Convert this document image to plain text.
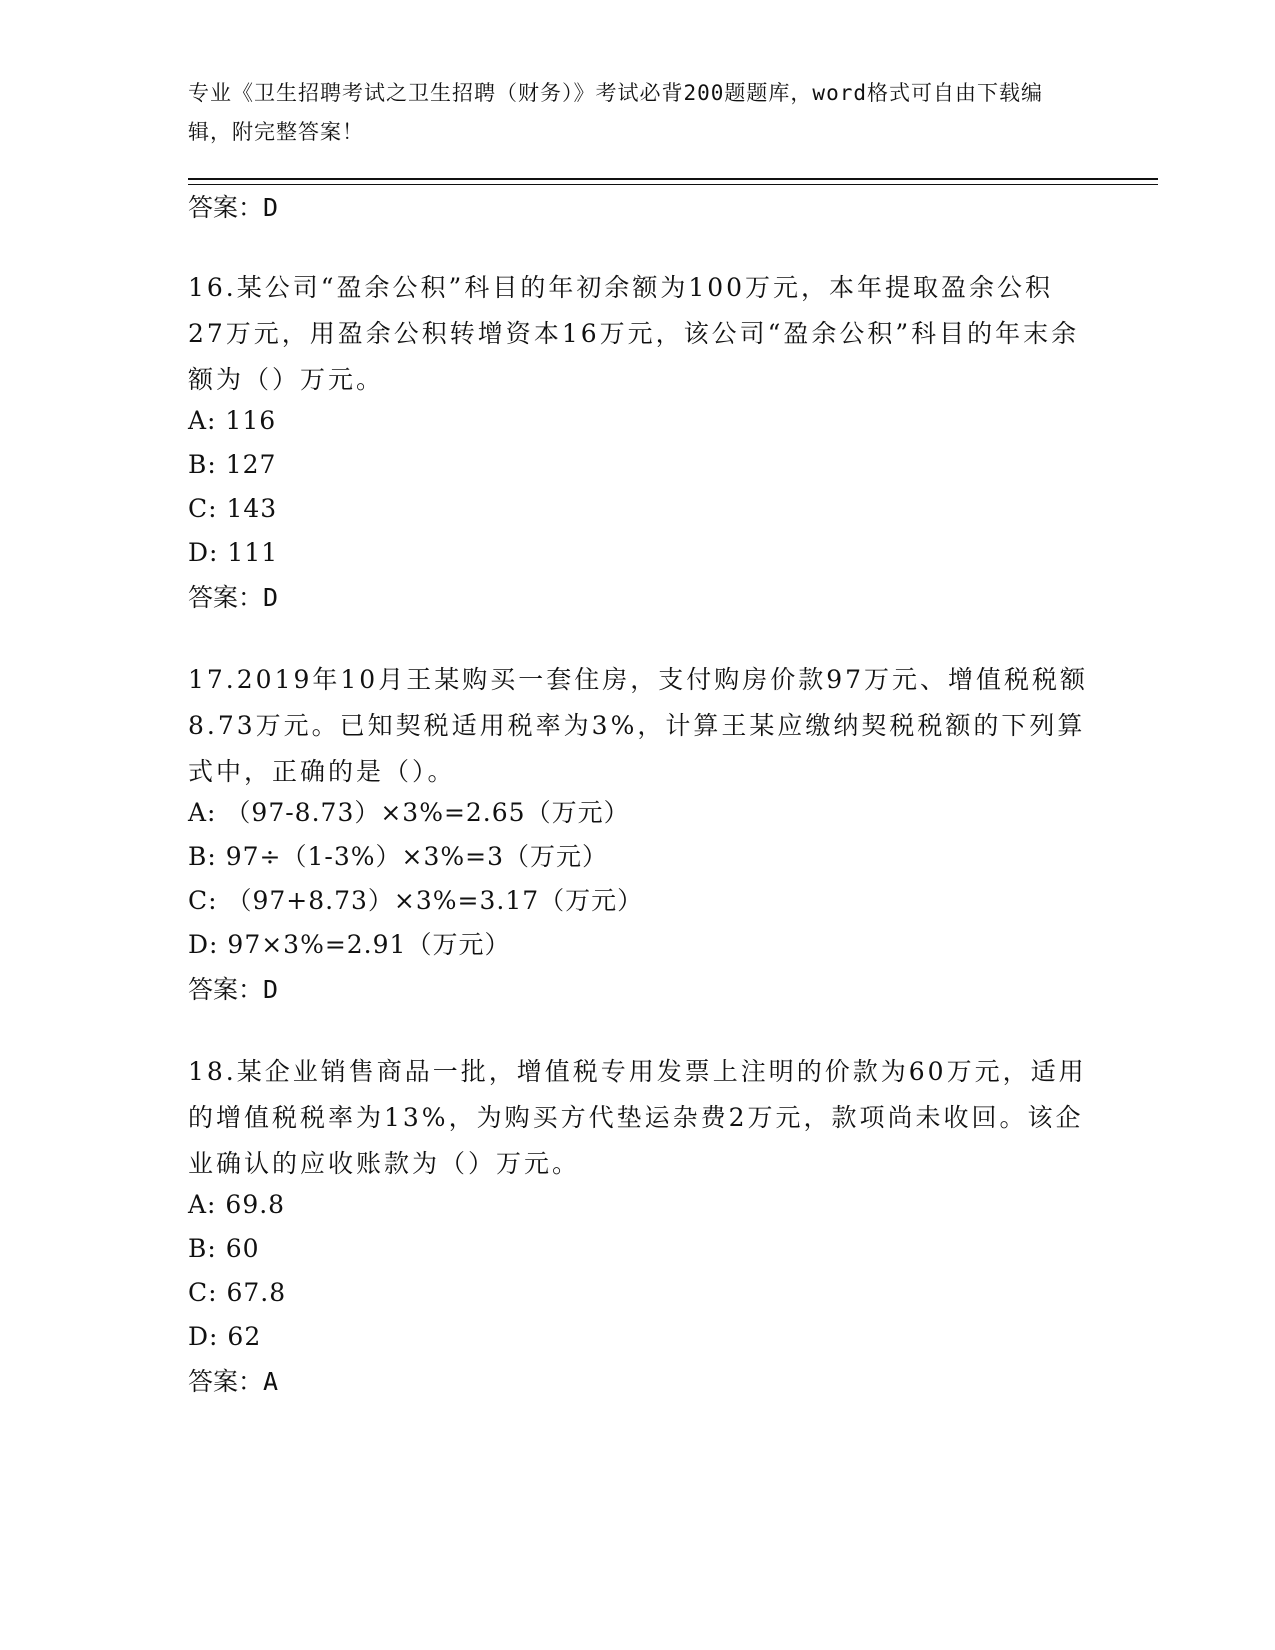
专业《卫生招聘考试之卫生招聘（财务）》考试必背200题题库，word格式可自由下载编辑，附完整答案！
答案：D
16.某公司“盈余公积”科目的年初余额为100万元，本年提取盈余公积27万元，用盈余公积转增资本16万元，该公司“盈余公积”科目的年末余额为（）万元。
A: 116
B: 127
C: 143
D: 111
答案：D
17.2019年10月王某购买一套住房，支付购房价款97万元、增值税税额8.73万元。已知契税适用税率为3%，计算王某应缴纳契税税额的下列算式中，正确的是（）。
A: （97-8.73）×3%=2.65（万元）
B: 97÷（1-3%）×3%=3（万元）
C: （97+8.73）×3%=3.17（万元）
D: 97×3%=2.91（万元）
答案：D
18.某企业销售商品一批，增值税专用发票上注明的价款为60万元，适用的增值税税率为13%，为购买方代垫运杂费2万元，款项尚未收回。该企业确认的应收账款为（）万元。
A: 69.8
B: 60
C: 67.8
D: 62
答案：A
